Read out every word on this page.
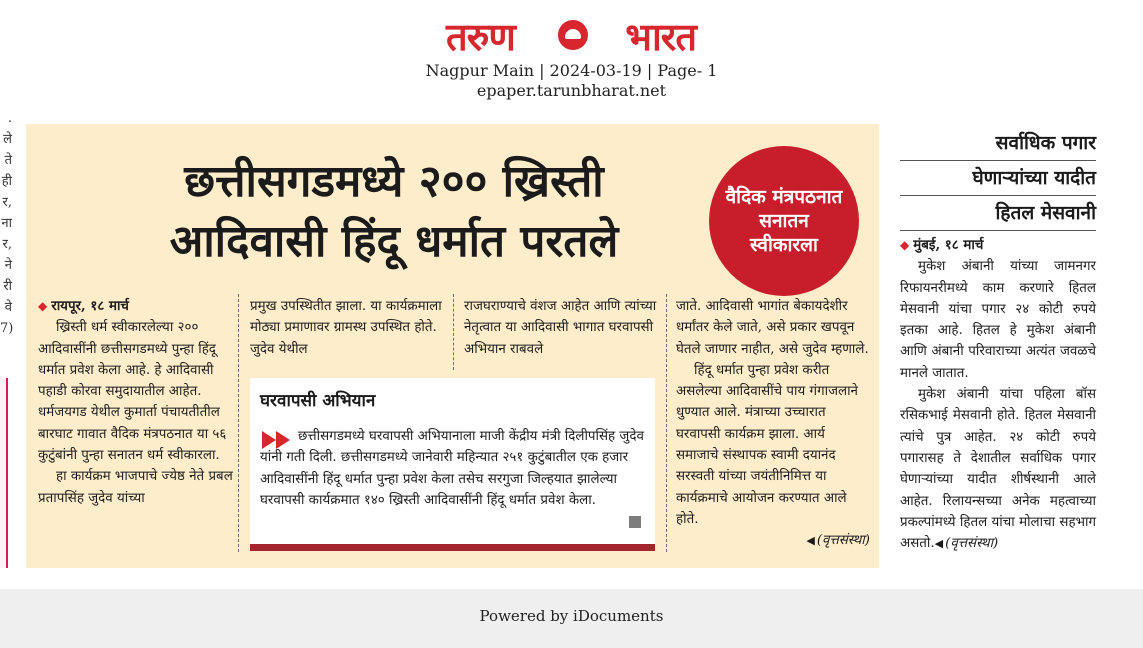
तरुण	भारत
Nagpur Main | 2024-03-19 | Page- 1
epaper.tarunbharat.net
.
ले
ते
ही
र,
ना
र,
ने
री
वे
7)
छत्तीसगडमध्ये २०० ख्रिस्ती
आदिवासी हिंदू धर्मात परतले
वैदिक मंत्रपठनात सनातन स्वीकारला
◆ रायपूर, १८ मार्च

ख्रिस्ती धर्म स्वीकारलेल्या २०० आदिवासींनी छत्तीसगडमध्ये पुन्हा हिंदू धर्मात प्रवेश केला आहे. हे आदिवासी पहाडी कोरवा समुदायातील आहेत. धर्मजयगड येथील कुमार्ता पंचायतीतील बारघाट गावात वैदिक मंत्रपठनात या ५६ कुटुंबांनी पुन्हा सनातन धर्म स्वीकारला.

हा कार्यक्रम भाजपाचे ज्येष्ठ नेते प्रबल प्रतापसिंह जुदेव यांच्या

प्रमुख उपस्थितीत झाला. या कार्यक्रमाला मोठ्या प्रमाणावर ग्रामस्थ उपस्थित होते. जुदेव येथील
राजघराण्याचे वंशज आहेत आणि त्यांच्या नेतृत्वात या आदिवासी भागात घरवापसी अभियान राबवले

जाते. आदिवासी भागांत बेकायदेशीर धर्मांतर केले जाते, असे प्रकार खपवून घेतले जाणार नाहीत, असे जुदेव म्हणाले.

हिंदू धर्मात पुन्हा प्रवेश करीत असलेल्या आदिवासींचे पाय गंगाजलाने धुण्यात आले. मंत्राच्या उच्चारात घरवापसी कार्यक्रम झाला. आर्य समाजाचे संस्थापक स्वामी दयानंद सरस्वती यांच्या जयंतीनिमित्त या कार्यक्रमाचे आयोजन करण्यात आले होते.

◀ (वृत्तसंस्था)

घरवापसी अभियान
छत्तीसगडमध्ये घरवापसी अभियानाला माजी केंद्रीय मंत्री दिलीपसिंह जुदेव यांनी गती दिली. छत्तीसगडमध्ये जानेवारी महिन्यात २५१ कुटुंबातील एक हजार आदिवासींनी हिंदू धर्मात पुन्हा प्रवेश केला तसेच सरगुजा जिल्हयात झालेल्या घरवापसी कार्यक्रमात १४० ख्रिस्ती आदिवासींनी हिंदू धर्मात प्रवेश केला.
सर्वाधिक पगार
घेणाऱ्यांच्या यादीत
हितल मेसवानी
◆ मुंबई, १८ मार्च

मुकेश अंबानी यांच्या जामनगर रिफायनरीमध्ये काम करणारे हितल मेसवानी यांचा पगार २४ कोटी रुपये इतका आहे. हितल हे मुकेश अंबानी आणि अंबानी परिवाराच्या अत्यंत जवळचे मानले जातात.

मुकेश अंबानी यांचा पहिला बॉस रसिकभाई मेसवानी होते. हितल मेसवानी त्यांचे पुत्र आहेत. २४ कोटी रुपये पगारासह ते देशातील सर्वाधिक पगार घेणाऱ्यांच्या यादीत शीर्षस्थानी आले आहेत. रिलायन्सच्या अनेक महत्वाच्या प्रकल्पांमध्ये हितल यांचा मोलाचा सहभाग असतो.◀ (वृत्तसंस्था)

Powered by iDocuments
